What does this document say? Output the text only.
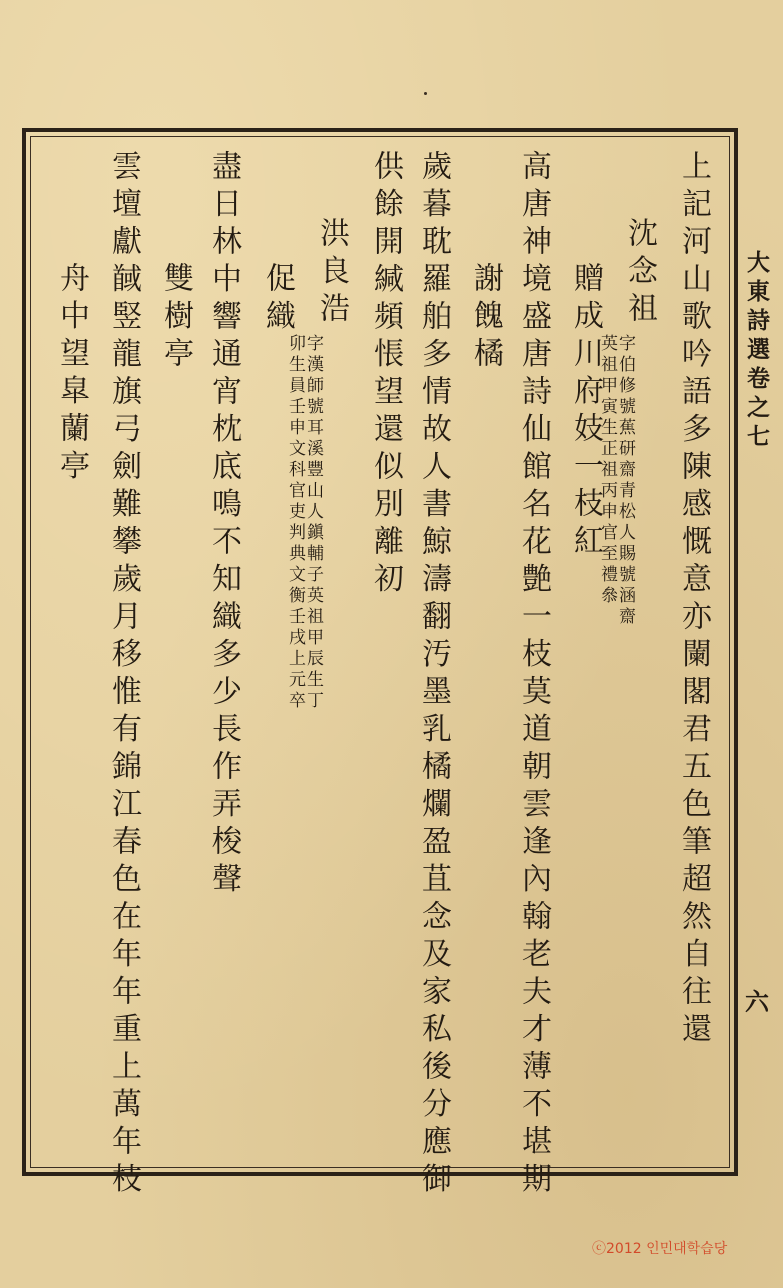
上記河山歌吟語多陳感慨意亦闌閣君五色筆超然自往還
沈念祖
字伯修號蕉研齋青松人賜號涵齋
英祖甲寅生正祖丙申官至禮叅
贈成川府妓一枝紅
高唐神境盛唐詩仙館名花艶一枝莫道朝雲逢內翰老夫才薄不堪期
謝餽橘
歲暮耽羅舶多情故人書鯨濤翻汚墨乳橘爛盈苴念及家私後分應御
供餘開緘頻悵望還似別離初
洪良浩
字漢師號耳溪豐山人鎭輔子英祖甲辰生丁
卯生員壬申文科官吏判典文衡壬戌上元卒
促織
盡日林中響通宵枕底鳴不知織多少長作弄梭聲
雙樹亭
雲壇獻馘竪龍旗弓劍難攀歲月移惟有錦江春色在年年重上萬年枝
舟中望皐蘭亭	大東詩選卷之七
六
ⓒ2012 인민대학습당
